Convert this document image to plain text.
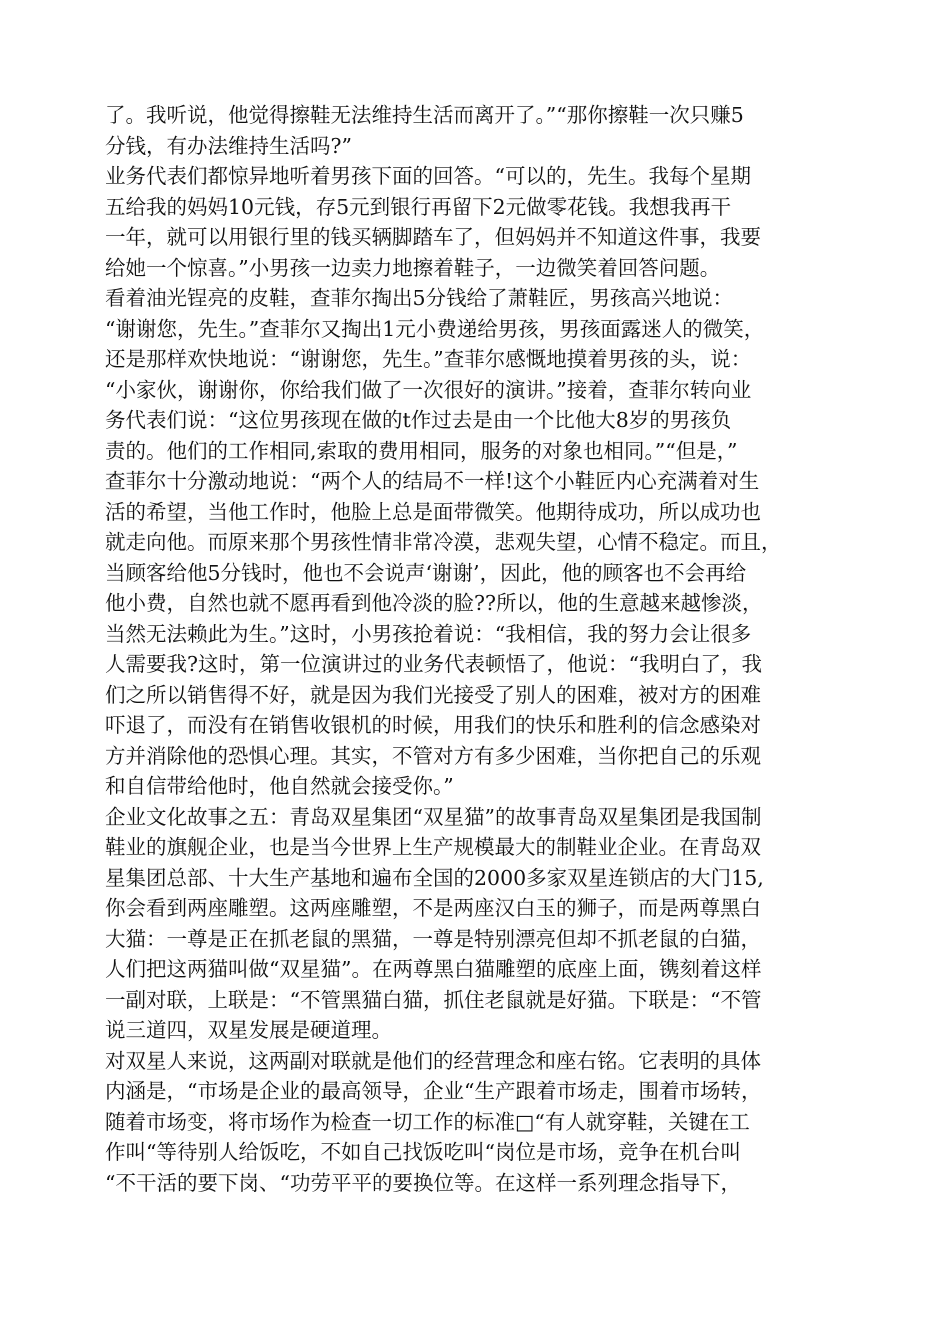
了。我听说，他觉得擦鞋无法维持生活而离开了。”“那你擦鞋一次只赚5
分钱，有办法维持生活吗?”
业务代表们都惊异地听着男孩下面的回答。“可以的，先生。我每个星期
五给我的妈妈10元钱，存5元到银行再留下2元做零花钱。我想我再干
一年，就可以用银行里的钱买辆脚踏车了，但妈妈并不知道这件事，我要
给她一个惊喜。”小男孩一边卖力地擦着鞋子，一边微笑着回答问题。
看着油光锃亮的皮鞋，查菲尔掏出5分钱给了萧鞋匠，男孩高兴地说：
“谢谢您，先生。”查菲尔又掏出1元小费递给男孩，男孩面露迷人的微笑，
还是那样欢快地说：“谢谢您，先生。”查菲尔感慨地摸着男孩的头，说：
“小家伙，谢谢你，你给我们做了一次很好的演讲。”接着，查菲尔转向业
务代表们说：“这位男孩现在做的t作过去是由一个比他大8岁的男孩负
责的。他们的工作相同,索取的费用相同，服务的对象也相同。”“但是，”
查菲尔十分激动地说：“两个人的结局不一样!这个小鞋匠内心充满着对生
活的希望，当他工作时，他脸上总是面带微笑。他期待成功，所以成功也
就走向他。而原来那个男孩性情非常冷漠，悲观失望，心情不稳定。而且，
当顾客给他5分钱时，他也不会说声‘谢谢’，因此，他的顾客也不会再给
他小费，自然也就不愿再看到他冷淡的脸??所以，他的生意越来越惨淡，
当然无法赖此为生。”这时，小男孩抢着说：“我相信，我的努力会让很多
人需要我?这时，第一位演讲过的业务代表顿悟了，他说：“我明白了，我
们之所以销售得不好，就是因为我们光接受了别人的困难，被对方的困难
吓退了，而没有在销售收银机的时候，用我们的快乐和胜利的信念感染对
方并消除他的恐惧心理。其实，不管对方有多少困难，当你把自己的乐观
和自信带给他时，他自然就会接受你。”
企业文化故事之五：青岛双星集团“双星猫”的故事青岛双星集团是我国制
鞋业的旗舰企业，也是当今世界上生产规模最大的制鞋业企业。在青岛双
星集团总部、十大生产基地和遍布全国的2000多家双星连锁店的大门15,
你会看到两座雕塑。这两座雕塑，不是两座汉白玉的狮子，而是两尊黑白
大猫：一尊是正在抓老鼠的黑猫，一尊是特别漂亮但却不抓老鼠的白猫，
人们把这两猫叫做“双星猫”。在两尊黑白猫雕塑的底座上面，镌刻着这样
一副对联，上联是：“不管黑猫白猫，抓住老鼠就是好猫。下联是：“不管
说三道四，双星发展是硬道理。
对双星人来说，这两副对联就是他们的经营理念和座右铭。它表明的具体
内涵是，“市场是企业的最高领导，企业“生产跟着市场走，围着市场转，
随着市场变，将市场作为检查一切工作的标准□“有人就穿鞋，关键在工
作叫“等待别人给饭吃，不如自己找饭吃叫“岗位是市场，竞争在机台叫
“不干活的要下岗、“功劳平平的要换位等。在这样一系列理念指导下，
